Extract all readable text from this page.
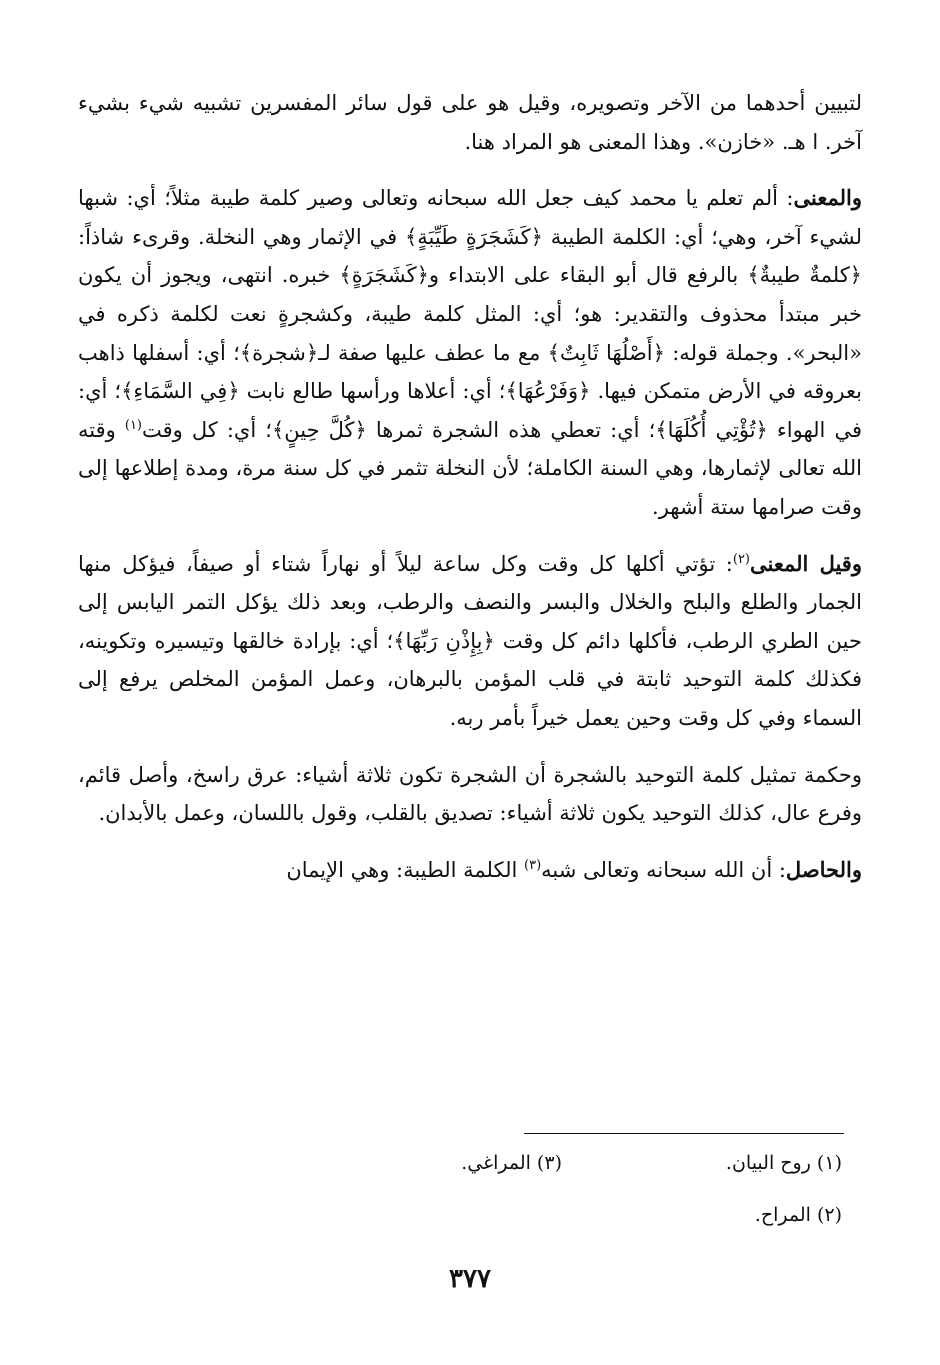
لتبيين أحدهما من الآخر وتصويره، وقيل هو على قول سائر المفسرين تشبيه شيء بشيء آخر. ا هـ. «خازن». وهذا المعنى هو المراد هنا.

والمعنى: ألم تعلم يا محمد كيف جعل الله سبحانه وتعالى وصير كلمة طيبة مثلاً؛ أي: شبها لشيء آخر، وهي؛ أي: الكلمة الطيبة ﴿كَشَجَرَةٍ طَيِّبَةٍ﴾ في الإثمار وهي النخلة. وقرىء شاذاً: ﴿كلمةٌ طيبةٌ﴾ بالرفع قال أبو البقاء على الابتداء و﴿كَشَجَرَةٍ﴾ خبره. انتهى، ويجوز أن يكون خبر مبتدأ محذوف والتقدير: هو؛ أي: المثل كلمة طيبة، وكشجرةٍ نعت لكلمة ذكره في «البحر». وجملة قوله: ﴿أَصْلُهَا ثَابِتٌ﴾ مع ما عطف عليها صفة لـ﴿شجرة﴾؛ أي: أسفلها ذاهب بعروقه في الأرض متمكن فيها. ﴿وَفَرْعُهَا﴾؛ أي: أعلاها ورأسها طالع نابت ﴿فِي السَّمَاءِ﴾؛ أي: في الهواء ﴿تُؤْتِي أُكُلَهَا﴾؛ أي: تعطي هذه الشجرة ثمرها ﴿كُلَّ حِينٍ﴾؛ أي: كل وقت$^{(١)}$ وقته الله تعالى لإثمارها، وهي السنة الكاملة؛ لأن النخلة تثمر في كل سنة مرة، ومدة إطلاعها إلى وقت صرامها ستة أشهر.

وقيل المعنى$^{(٢)}$: تؤتي أكلها كل وقت وكل ساعة ليلاً أو نهاراً شتاء أو صيفاً، فيؤكل منها الجمار والطلع والبلح والخلال والبسر والنصف والرطب، وبعد ذلك يؤكل التمر اليابس إلى حين الطري الرطب، فأكلها دائم كل وقت ﴿بِإِذْنِ رَبِّهَا﴾؛ أي: بإرادة خالقها وتيسيره وتكوينه، فكذلك كلمة التوحيد ثابتة في قلب المؤمن بالبرهان، وعمل المؤمن المخلص يرفع إلى السماء وفي كل وقت وحين يعمل خيراً بأمر ربه.

وحكمة تمثيل كلمة التوحيد بالشجرة أن الشجرة تكون ثلاثة أشياء: عرق راسخ، وأصل قائم، وفرع عال، كذلك التوحيد يكون ثلاثة أشياء: تصديق بالقلب، وقول باللسان، وعمل بالأبدان.

والحاصل: أن الله سبحانه وتعالى شبه$^{(٣)}$ الكلمة الطيبة: وهي الإيمان

(١) روح البيان.
(٣) المراغي.
(٢) المراح.
٣٧٧
